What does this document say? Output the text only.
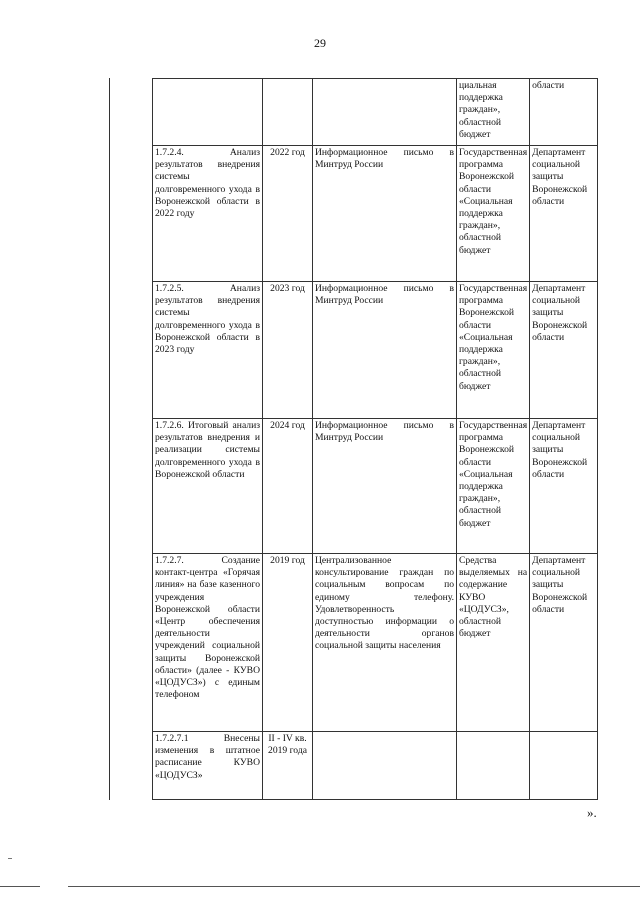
29
			циальная поддержка граждан», областной бюджет	области
1.7.2.4. Анализ результатов внедрения системы долговременного ухода в Воронежской области в 2022 году	2022 год	Информационное письмо в Минтруд России	Государственная программа Воронежской области «Социальная поддержка граждан», областной бюджет	Департамент социальной защиты Воронежской области
1.7.2.5. Анализ результатов внедрения системы долговременного ухода в Воронежской области в 2023 году	2023 год	Информационное письмо в Минтруд России	Государственная программа Воронежской области «Социальная поддержка граждан», областной бюджет	Департамент социальной защиты Воронежской области
1.7.2.6. Итоговый анализ результатов внедрения и реализации системы долговременного ухода в Воронежской области	2024 год	Информационное письмо в Минтруд России	Государственная программа Воронежской области «Социальная поддержка граждан», областной бюджет	Департамент социальной защиты Воронежской области
1.7.2.7. Создание контакт-центра «Горячая линия» на базе казенного учреждения Воронежской области «Центр обеспечения деятельности учреждений социальной защиты Воронежской области» (далее - КУВО «ЦОДУСЗ») с единым телефоном	2019 год	Централизованное консультирование граждан по социальным вопросам по единому телефону. Удовлетворенность доступностью информации о деятельности органов социальной защиты населения	Средства выделяемых на содержание КУВО «ЦОДУСЗ», областной бюджет	Департамент социальной защиты Воронежской области
1.7.2.7.1 Внесены изменения в штатное расписание КУВО «ЦОДУСЗ»	II - IV кв. 2019 года			
».
